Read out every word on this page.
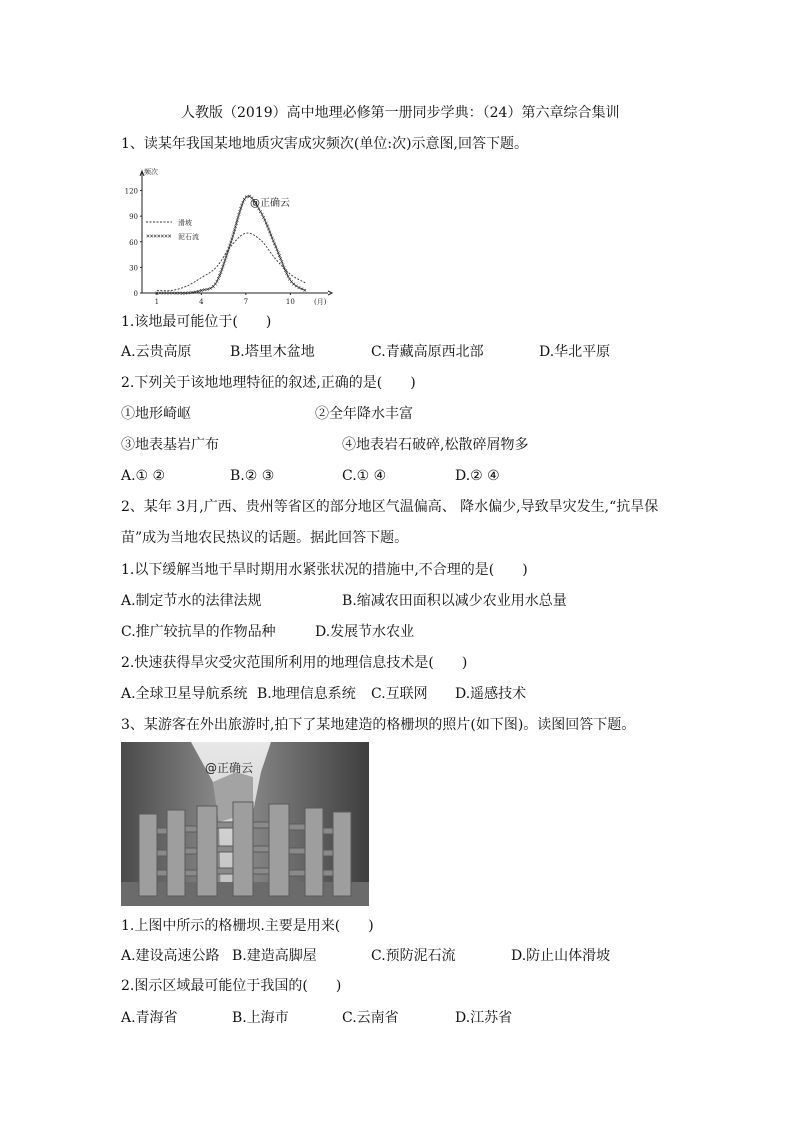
人教版（2019）高中地理必修第一册同步学典：（24）第六章综合集训
1、读某年我国某地地质灾害成灾频次(单位:次)示意图,回答下题。
0
30
60
90
120
1	4	7	10
频次
(月)
滑坡
泥石流
@正确云
1.该地最可能位于(　　)
A.云贵高原	B.塔里木盆地	C.青藏高原西北部	D.华北平原
2.下列关于该地地理特征的叙述,正确的是(　　)
①地形崎岖	②全年降水丰富
③地表基岩广布	④地表岩石破碎,松散碎屑物多
A.① ②	B.② ③	C.① ④	D.② ④
2、某年 3月,广西、贵州等省区的部分地区气温偏高、 降水偏少,导致旱灾发生,“抗旱保
苗”成为当地农民热议的话题。据此回答下题。
1.以下缓解当地干旱时期用水紧张状况的措施中,不合理的是(　　)
A.制定节水的法律法规	B.缩减农田面积以减少农业用水总量
C.推广较抗旱的作物品种	D.发展节水农业
2.快速获得旱灾受灾范围所利用的地理信息技术是(　　)
A.全球卫星导航系统 B.地理信息系统 C.互联网 D.遥感技术
3、某游客在外出旅游时,拍下了某地建造的格栅坝的照片(如下图)。读图回答下题。
@正确云
1.上图中所示的格栅坝.主要是用来(　　)
A.建设高速公路 B.建造高脚屋	C.预防泥石流	D.防止山体滑坡
2.图示区域最可能位于我国的(　　)
A.青海省	B.上海市	C.云南省	D.江苏省
